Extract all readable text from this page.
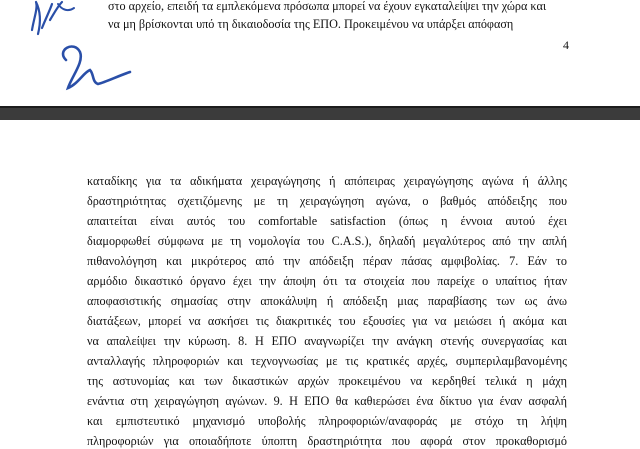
στο αρχείο, επειδή τα εμπλεκόμενα πρόσωπα μπορεί να έχουν εγκαταλείψει την χώρα και
να μη βρίσκονται υπό τη δικαιοδοσία της ΕΠΟ. Προκειμένου να υπάρξει απόφαση
4
καταδίκης για τα αδικήματα χειραγώγησης ή απόπειρας χειραγώγησης αγώνα ή άλλης
δραστηριότητας σχετιζόμενης με τη χειραγώγηση αγώνα, ο βαθμός απόδειξης που
απαιτείται είναι αυτός του comfortable satisfaction (όπως η έννοια αυτού έχει
διαμορφωθεί σύμφωνα με τη νομολογία του C.A.S.), δηλαδή μεγαλύτερος από την απλή
πιθανολόγηση και μικρότερος από την απόδειξη πέραν πάσας αμφιβολίας. 7. Εάν το
αρμόδιο δικαστικό όργανο έχει την άποψη ότι τα στοιχεία που παρείχε ο υπαίτιος ήταν
αποφασιστικής σημασίας στην αποκάλυψη ή απόδειξη μιας παραβίασης των ως άνω
διατάξεων, μπορεί να ασκήσει τις διακριτικές του εξουσίες για να μειώσει ή ακόμα και
να απαλείψει την κύρωση. 8. Η ΕΠΟ αναγνωρίζει την ανάγκη στενής συνεργασίας και
ανταλλαγής πληροφοριών και τεχνογνωσίας με τις κρατικές αρχές, συμπεριλαμβανομένης
της αστυνομίας και των δικαστικών αρχών προκειμένου να κερδηθεί τελικά η μάχη
ενάντια στη χειραγώγηση αγώνων. 9. Η ΕΠΟ θα καθιερώσει ένα δίκτυο για έναν ασφαλή
και εμπιστευτικό μηχανισμό υποβολής πληροφοριών/αναφοράς με στόχο τη λήψη
πληροφοριών για οποιαδήποτε ύποπτη δραστηριότητα που αφορά στον προκαθορισμό
